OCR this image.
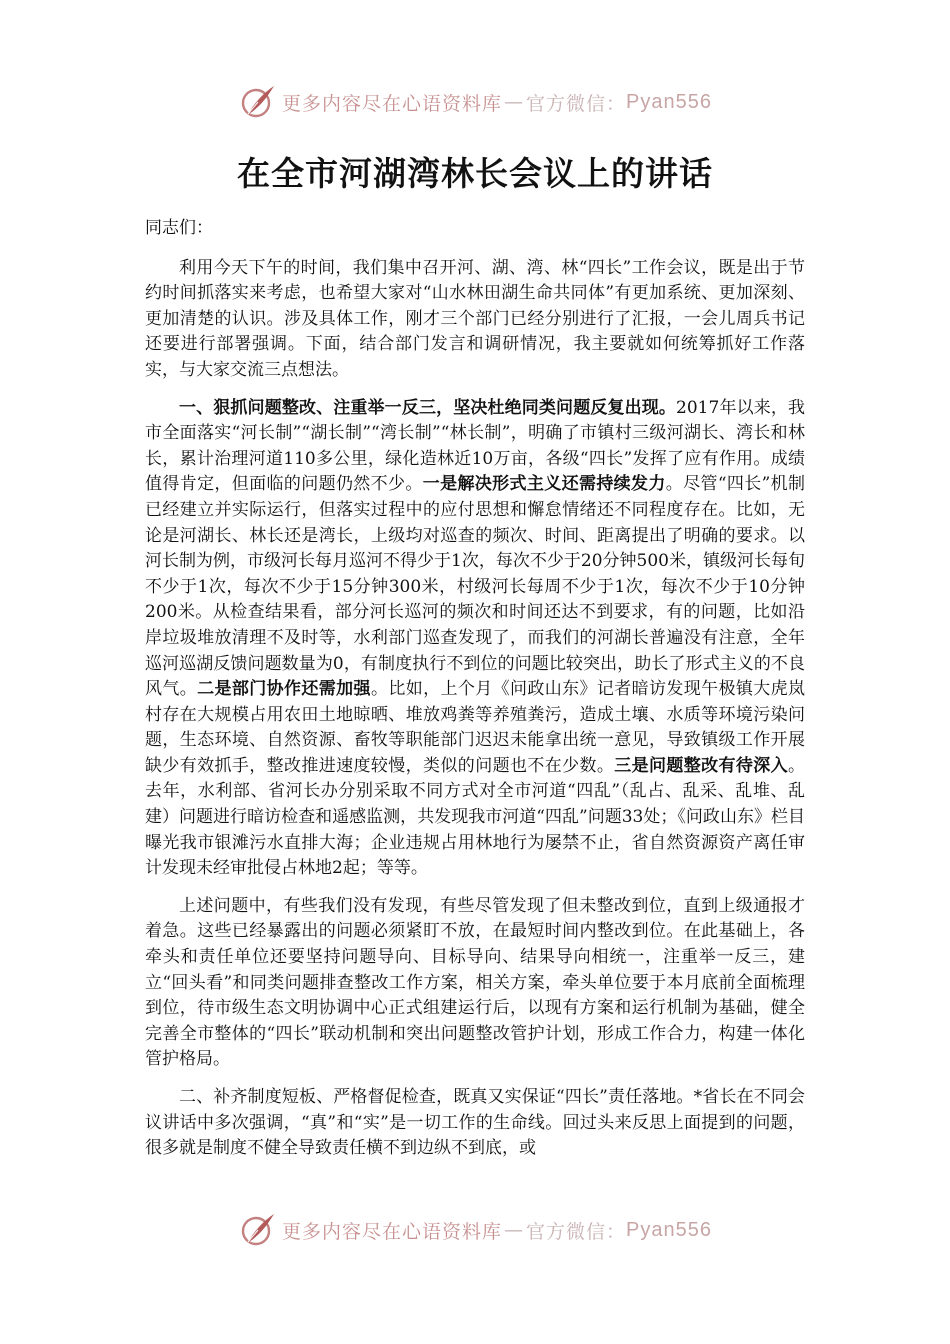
更多内容尽在心语资料库 — 官方微信： Pyan556
在全市河湖湾林长会议上的讲话

同志们：

利用今天下午的时间，我们集中召开河、湖、湾、林“四长”工作会议，既是出于节约时间抓落实来考虑，也希望大家对“山水林田湖生命共同体”有更加系统、更加深刻、更加清楚的认识。涉及具体工作，刚才三个部门已经分别进行了汇报，一会儿周兵书记还要进行部署强调。下面，结合部门发言和调研情况，我主要就如何统筹抓好工作落实，与大家交流三点想法。

一、狠抓问题整改、注重举一反三，坚决杜绝同类问题反复出现。2017年以来，我市全面落实“河长制”“湖长制”“湾长制”“林长制”，明确了市镇村三级河湖长、湾长和林长，累计治理河道110多公里，绿化造林近10万亩，各级“四长”发挥了应有作用。成绩值得肯定，但面临的问题仍然不少。一是解决形式主义还需持续发力。尽管“四长”机制已经建立并实际运行，但落实过程中的应付思想和懈怠情绪还不同程度存在。比如，无论是河湖长、林长还是湾长，上级均对巡查的频次、时间、距离提出了明确的要求。以河长制为例，市级河长每月巡河不得少于1次，每次不少于20分钟500米，镇级河长每旬不少于1次，每次不少于15分钟300米，村级河长每周不少于1次，每次不少于10分钟200米。从检查结果看，部分河长巡河的频次和时间还达不到要求，有的问题，比如沿岸垃圾堆放清理不及时等，水利部门巡查发现了，而我们的河湖长普遍没有注意，全年巡河巡湖反馈问题数量为0，有制度执行不到位的问题比较突出，助长了形式主义的不良风气。二是部门协作还需加强。比如，上个月《问政山东》记者暗访发现午极镇大虎岚村存在大规模占用农田土地晾晒、堆放鸡粪等养殖粪污，造成土壤、水质等环境污染问题，生态环境、自然资源、畜牧等职能部门迟迟未能拿出统一意见，导致镇级工作开展缺少有效抓手，整改推进速度较慢，类似的问题也不在少数。三是问题整改有待深入。去年，水利部、省河长办分别采取不同方式对全市河道“四乱”（乱占、乱采、乱堆、乱建）问题进行暗访检查和遥感监测，共发现我市河道“四乱”问题33处；《问政山东》栏目曝光我市银滩污水直排大海；企业违规占用林地行为屡禁不止，省自然资源资产离任审计发现未经审批侵占林地2起；等等。

上述问题中，有些我们没有发现，有些尽管发现了但未整改到位，直到上级通报才着急。这些已经暴露出的问题必须紧盯不放，在最短时间内整改到位。在此基础上，各牵头和责任单位还要坚持问题导向、目标导向、结果导向相统一，注重举一反三，建立“回头看”和同类问题排查整改工作方案，相关方案，牵头单位要于本月底前全面梳理到位，待市级生态文明协调中心正式组建运行后，以现有方案和运行机制为基础，健全完善全市整体的“四长”联动机制和突出问题整改管护计划，形成工作合力，构建一体化管护格局。

二、补齐制度短板、严格督促检查，既真又实保证“四长”责任落地。*省长在不同会议讲话中多次强调，“真”和“实”是一切工作的生命线。回过头来反思上面提到的问题，很多就是制度不健全导致责任横不到边纵不到底，或

更多内容尽在心语资料库 — 官方微信： Pyan556
